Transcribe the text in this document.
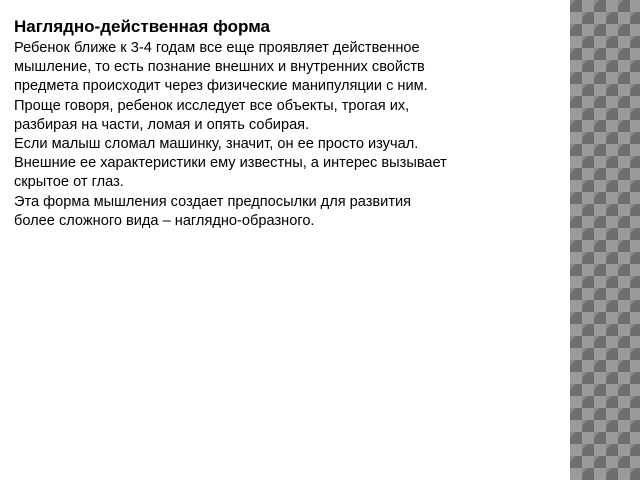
Наглядно-действенная форма

Ребенок ближе к 3-4 годам все еще проявляет действенное

мышление, то есть познание внешних и внутренних свойств

предмета происходит через физические манипуляции с ним.

Проще говоря, ребенок исследует все объекты, трогая их,

разбирая на части, ломая и опять собирая.

Если малыш сломал машинку, значит, он ее просто изучал.

Внешние ее характеристики ему известны, а интерес вызывает

скрытое от глаз.

Эта форма мышления создает предпосылки для развития

более сложного вида – наглядно-образного.
